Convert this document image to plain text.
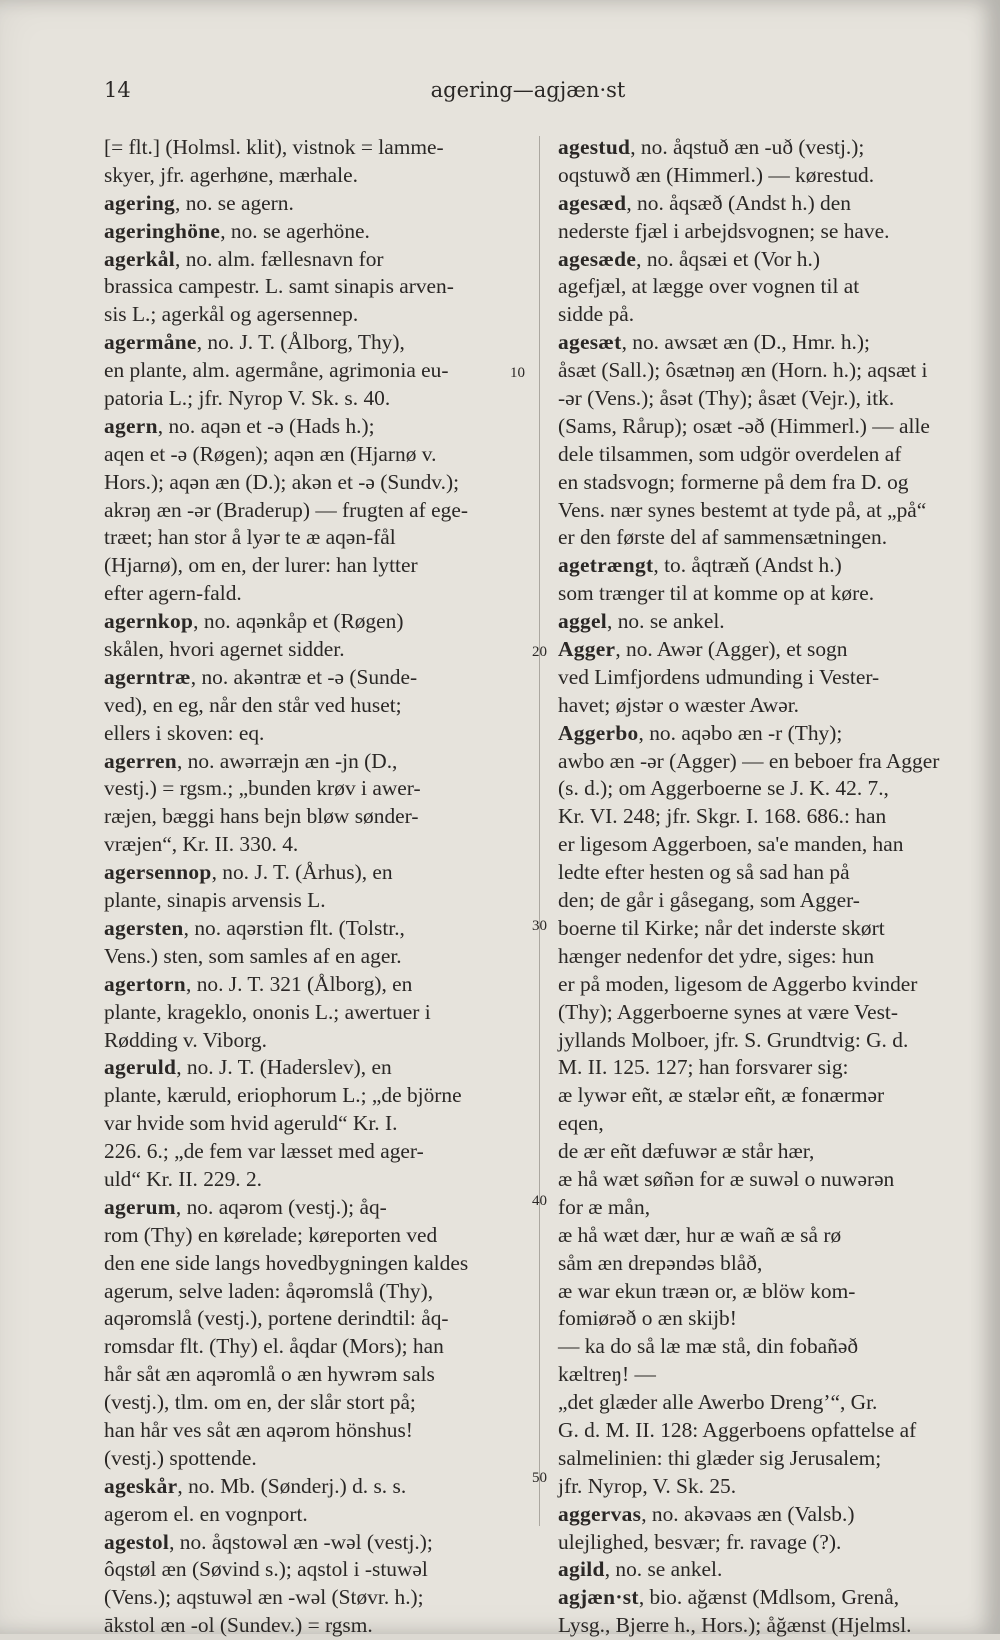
14	agering—agjæn·st
[= flt.] (Holmsl. klit), vistnok = lamme-
skyer, jfr. agerhøne, mærhale.
agering, no. se agern.
ageringhöne, no. se agerhöne.
agerkål, no. alm. fællesnavn for
brassica campestr. L. samt sinapis arven-
sis L.; agerkål og agersennep.
agermåne, no. J. T. (Ålborg, Thy),
en plante, alm. agermåne, agrimonia eu-
patoria L.; jfr. Nyrop V. Sk. s. 40.
agern, no. aqən et -ə (Hads h.);
aqen et -ə (Røgen); aqən æn (Hjarnø v.
Hors.); aqən æn (D.); akən et -ə (Sundv.);
akrəŋ æn -ər (Braderup) — frugten af ege-
træet; han stor å lyər te æ aqən-fål
(Hjarnø), om en, der lurer: han lytter
efter agern-fald.
agernkop, no. aqənkåp et (Røgen)
skålen, hvori agernet sidder.
agerntræ, no. akəntræ et -ə (Sunde-
ved), en eg, når den står ved huset;
ellers i skoven: eq.
agerren, no. awərræjn æn -jn (D.,
vestj.) = rgsm.; „bunden krøv i awer-
ræjen, bæggi hans bejn bløw sønder-
vræjen“, Kr. II. 330. 4.
agersennop, no. J. T. (Århus), en
plante, sinapis arvensis L.
agersten, no. aqərstiən flt. (Tolstr.,
Vens.) sten, som samles af en ager.
agertorn, no. J. T. 321 (Ålborg), en
plante, krageklo, ononis L.; awertuer i
Rødding v. Viborg.
ageruld, no. J. T. (Haderslev), en
plante, kæruld, eriophorum L.; „de björne
var hvide som hvid ageruld“ Kr. I.
226. 6.; „de fem var læsset med ager-
uld“ Kr. II. 229. 2.
agerum, no. aqərom (vestj.); åq-
rom (Thy) en kørelade; køreporten ved
den ene side langs hovedbygningen kaldes
agerum, selve laden: åqəromslå (Thy),
aqəromslå (vestj.), portene derindtil: åq-
romsdar flt. (Thy) el. åqdar (Mors); han
hår såt æn aqəromlå o æn hywrəm sals
(vestj.), tlm. om en, der slår stort på;
han hår ves såt æn aqərom hönshus!
(vestj.) spottende.
ageskår, no. Mb. (Sønderj.) d. s. s.
agerom el. en vognport.
agestol, no. åqstowəl æn -wəl (vestj.);
ôqstøl æn (Søvind s.); aqstol i -stuwəl
(Vens.); aqstuwəl æn -wəl (Støvr. h.);
ākstol æn -ol (Sundev.) = rgsm.
agestud, no. åqstuð æn -uð (vestj.);
oqstuwð æn (Himmerl.) — kørestud.
agesæd, no. åqsæð (Andst h.) den
nederste fjæl i arbejdsvognen; se have.
agesæde, no. åqsæi et (Vor h.)
agefjæl, at lægge over vognen til at
sidde på.
agesæt, no. awsæt æn (D., Hmr. h.);
åsæt (Sall.); ôsætnəŋ æn (Horn. h.); aqsæt i
-ər (Vens.); åsət (Thy); åsæt (Vejr.), itk.
(Sams, Rårup); osæt -əð (Himmerl.) — alle
dele tilsammen, som udgör overdelen af
en stadsvogn; formerne på dem fra D. og
Vens. nær synes bestemt at tyde på, at „på“
er den første del af sammensætningen.
agetrængt, to. åqtræň (Andst h.)
som trænger til at komme op at køre.
aggel, no. se ankel.
Agger, no. Awər (Agger), et sogn
ved Limfjordens udmunding i Vester-
havet; øjstər o wæster Awər.
Aggerbo, no. aqəbo æn -r (Thy);
awbo æn -ər (Agger) — en beboer fra Agger
(s. d.); om Aggerboerne se J. K. 42. 7.,
Kr. VI. 248; jfr. Skgr. I. 168. 686.: han
er ligesom Aggerboen, sa'e manden, han
ledte efter hesten og så sad han på
den; de går i gåsegang, som Agger-
boerne til Kirke; når det inderste skørt
hænger nedenfor det ydre, siges: hun
er på moden, ligesom de Aggerbo kvinder
(Thy); Aggerboerne synes at være Vest-
jyllands Molboer, jfr. S. Grundtvig: G. d.
M. II. 125. 127; han forsvarer sig:
æ lywər eñt, æ stælər eñt, æ fonærmər
eqen,
de ær eñt dæfuwər æ står hær,
æ hå wæt søñən for æ suwəl o nuwərən
for æ mån,
æ hå wæt dær, hur æ wañ æ så rø
såm æn drepəndəs blåð,
æ war ekun træən or, æ blöw kom-
fomiørəð o æn skijb!
— ka do så læ mæ stå, din fobañəð
kæltreŋ! —
„det glæder alle Awerbo Dreng’“, Gr.
G. d. M. II. 128: Aggerboens opfattelse af
salmelinien: thi glæder sig Jerusalem;
jfr. Nyrop, V. Sk. 25.
aggervas, no. akəvaəs æn (Valsb.)
ulejlighed, besvær; fr. ravage (?).
agild, no. se ankel.
agjæn·st, bio. ağænst (Mdlsom, Grenå,
Lysg., Bjerre h., Hors.); åğænst (Hjelmsl.
10
20
30
40
50
